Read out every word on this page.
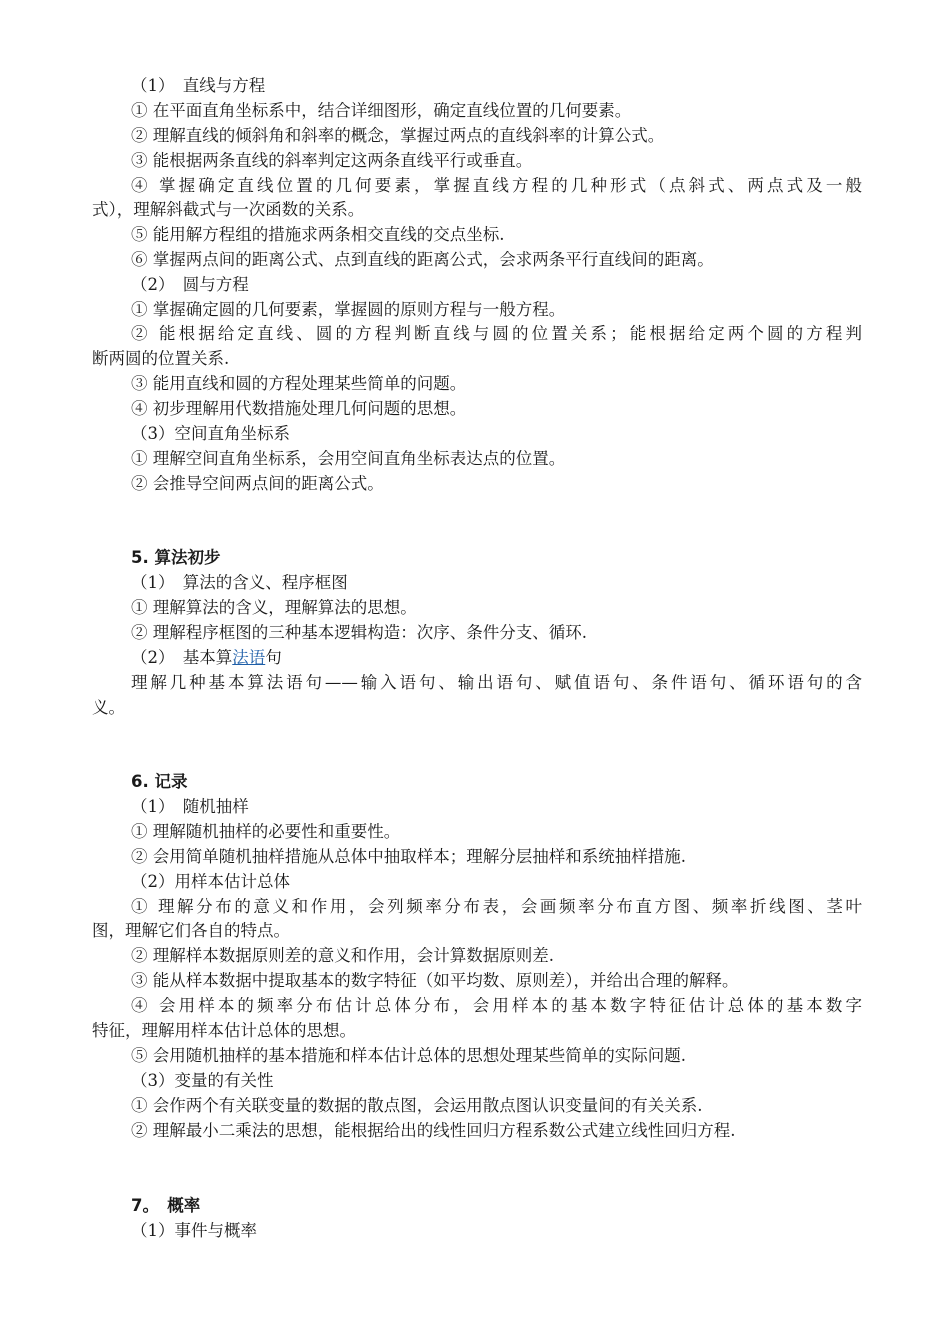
（1）　直线与方程
① 在平面直角坐标系中，结合详细图形，确定直线位置的几何要素。
② 理解直线的倾斜角和斜率的概念，掌握过两点的直线斜率的计算公式。
③ 能根据两条直线的斜率判定这两条直线平行或垂直。
④ 掌握确定直线位置的几何要素，掌握直线方程的几种形式（点斜式、两点式及一般
式），理解斜截式与一次函数的关系。
⑤ 能用解方程组的措施求两条相交直线的交点坐标.
⑥ 掌握两点间的距离公式、点到直线的距离公式，会求两条平行直线间的距离。
（2）　圆与方程
① 掌握确定圆的几何要素，掌握圆的原则方程与一般方程。
② 能根据给定直线、圆的方程判断直线与圆的位置关系；能根据给定两个圆的方程判
断两圆的位置关系.
③ 能用直线和圆的方程处理某些简单的问题。
④ 初步理解用代数措施处理几何问题的思想。
（3）空间直角坐标系
① 理解空间直角坐标系，会用空间直角坐标表达点的位置。
② 会推导空间两点间的距离公式。
5. 算法初步
（1）　算法的含义、程序框图
① 理解算法的含义，理解算法的思想。
② 理解程序框图的三种基本逻辑构造：次序、条件分支、循环.
（2）　基本算法语句
理解几种基本算法语句——输入语句、输出语句、赋值语句、条件语句、循环语句的含
义。
6. 记录
（1）　随机抽样
① 理解随机抽样的必要性和重要性。
② 会用简单随机抽样措施从总体中抽取样本；理解分层抽样和系统抽样措施.
（2）用样本估计总体
① 理解分布的意义和作用，会列频率分布表，会画频率分布直方图、频率折线图、茎叶
图，理解它们各自的特点。
② 理解样本数据原则差的意义和作用，会计算数据原则差.
③ 能从样本数据中提取基本的数字特征（如平均数、原则差），并给出合理的解释。
④ 会用样本的频率分布估计总体分布，会用样本的基本数字特征估计总体的基本数字
特征，理解用样本估计总体的思想。
⑤ 会用随机抽样的基本措施和样本估计总体的思想处理某些简单的实际问题.
（3）变量的有关性
① 会作两个有关联变量的数据的散点图，会运用散点图认识变量间的有关关系.
② 理解最小二乘法的思想，能根据给出的线性回归方程系数公式建立线性回归方程.
7。　概率
（1）事件与概率
